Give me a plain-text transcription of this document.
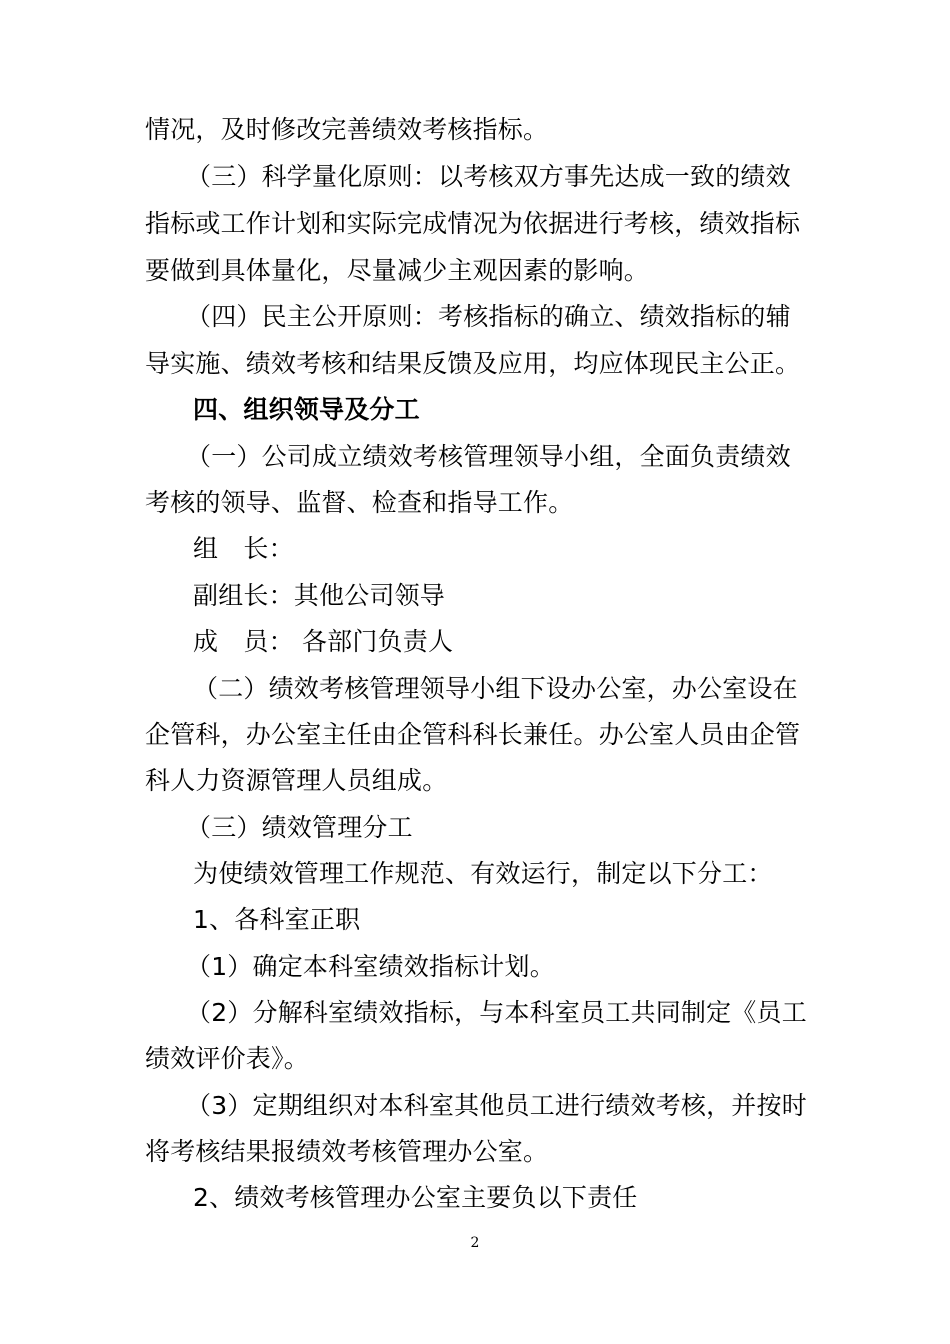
情况，及时修改完善绩效考核指标。
（三）科学量化原则：以考核双方事先达成一致的绩效
指标或工作计划和实际完成情况为依据进行考核，绩效指标
要做到具体量化，尽量减少主观因素的影响。
（四）民主公开原则：考核指标的确立、绩效指标的辅
导实施、绩效考核和结果反馈及应用，均应体现民主公正。
四、组织领导及分工
（一）公司成立绩效考核管理领导小组，全面负责绩效
考核的领导、监督、检查和指导工作。
组　长：
副组长：其他公司领导
成　员： 各部门负责人
（二）绩效考核管理领导小组下设办公室，办公室设在
企管科，办公室主任由企管科科长兼任。办公室人员由企管
科人力资源管理人员组成。
（三）绩效管理分工
为使绩效管理工作规范、有效运行，制定以下分工：
1、各科室正职
（1）确定本科室绩效指标计划。
（2）分解科室绩效指标，与本科室员工共同制定《员工
绩效评价表》。
（3）定期组织对本科室其他员工进行绩效考核，并按时
将考核结果报绩效考核管理办公室。
2、绩效考核管理办公室主要负以下责任
2
